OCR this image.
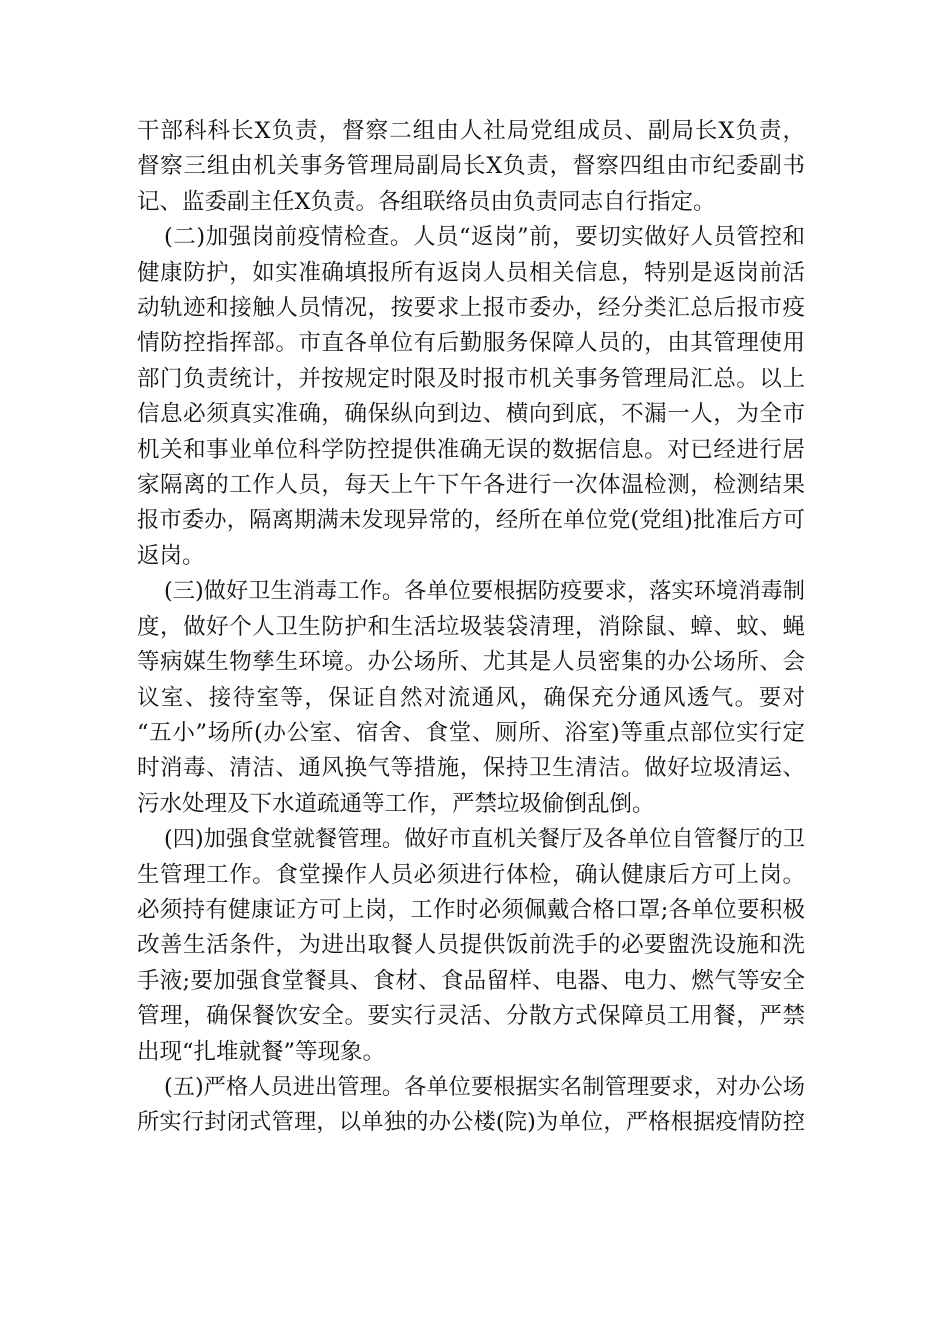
干部科科长X负责，督察二组由人社局党组成员、副局长X负责，
督察三组由机关事务管理局副局长X负责，督察四组由市纪委副书
记、监委副主任X负责。各组联络员由负责同志自行指定。

(二)加强岗前疫情检查。人员“返岗”前，要切实做好人员管控和
健康防护，如实准确填报所有返岗人员相关信息，特别是返岗前活
动轨迹和接触人员情况，按要求上报市委办，经分类汇总后报市疫
情防控指挥部。市直各单位有后勤服务保障人员的，由其管理使用
部门负责统计，并按规定时限及时报市机关事务管理局汇总。以上
信息必须真实准确，确保纵向到边、横向到底，不漏一人，为全市
机关和事业单位科学防控提供准确无误的数据信息。对已经进行居
家隔离的工作人员，每天上午下午各进行一次体温检测，检测结果
报市委办，隔离期满未发现异常的，经所在单位党(党组)批准后方可
返岗。

(三)做好卫生消毒工作。各单位要根据防疫要求，落实环境消毒制
度，做好个人卫生防护和生活垃圾装袋清理，消除鼠、蟑、蚊、蝇
等病媒生物孳生环境。办公场所、尤其是人员密集的办公场所、会
议室、接待室等，保证自然对流通风，确保充分通风透气。要对
“五小”场所(办公室、宿舍、食堂、厕所、浴室)等重点部位实行定
时消毒、清洁、通风换气等措施，保持卫生清洁。做好垃圾清运、
污水处理及下水道疏通等工作，严禁垃圾偷倒乱倒。

(四)加强食堂就餐管理。做好市直机关餐厅及各单位自管餐厅的卫
生管理工作。食堂操作人员必须进行体检，确认健康后方可上岗。
必须持有健康证方可上岗，工作时必须佩戴合格口罩;各单位要积极
改善生活条件，为进出取餐人员提供饭前洗手的必要盥洗设施和洗
手液;要加强食堂餐具、食材、食品留样、电器、电力、燃气等安全
管理，确保餐饮安全。要实行灵活、分散方式保障员工用餐，严禁
出现“扎堆就餐”等现象。

(五)严格人员进出管理。各单位要根据实名制管理要求，对办公场
所实行封闭式管理，以单独的办公楼(院)为单位，严格根据疫情防控
